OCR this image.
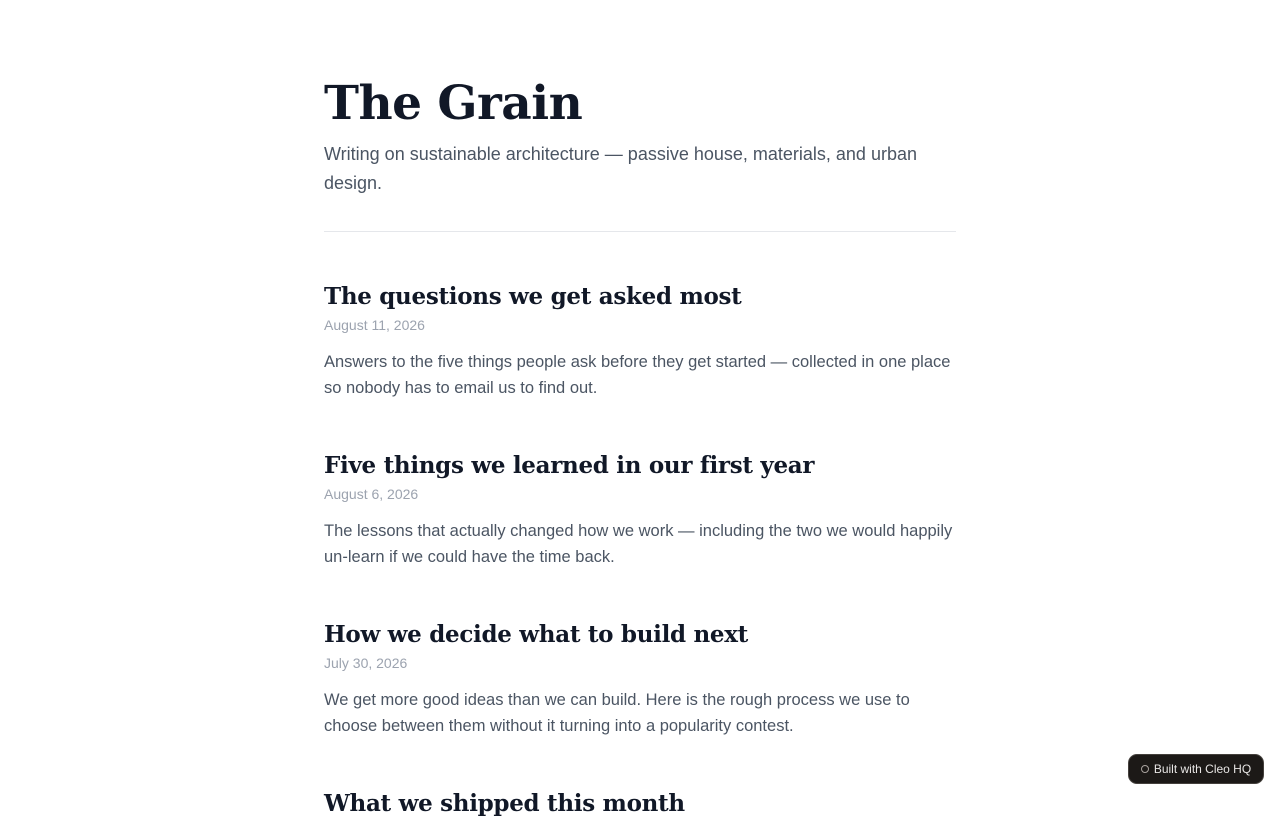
The Grain

Writing on sustainable architecture — passive house, materials, and urban design.

The questions we get asked most
August 11, 2026

Answers to the five things people ask before they get started — collected in one place so nobody has to email us to find out.

Five things we learned in our first year
August 6, 2026

The lessons that actually changed how we work — including the two we would happily un-learn if we could have the time back.

How we decide what to build next
July 30, 2026

We get more good ideas than we can build. Here is the rough process we use to choose between them without it turning into a popularity contest.

What we shipped this month
Built with Cleo HQ
